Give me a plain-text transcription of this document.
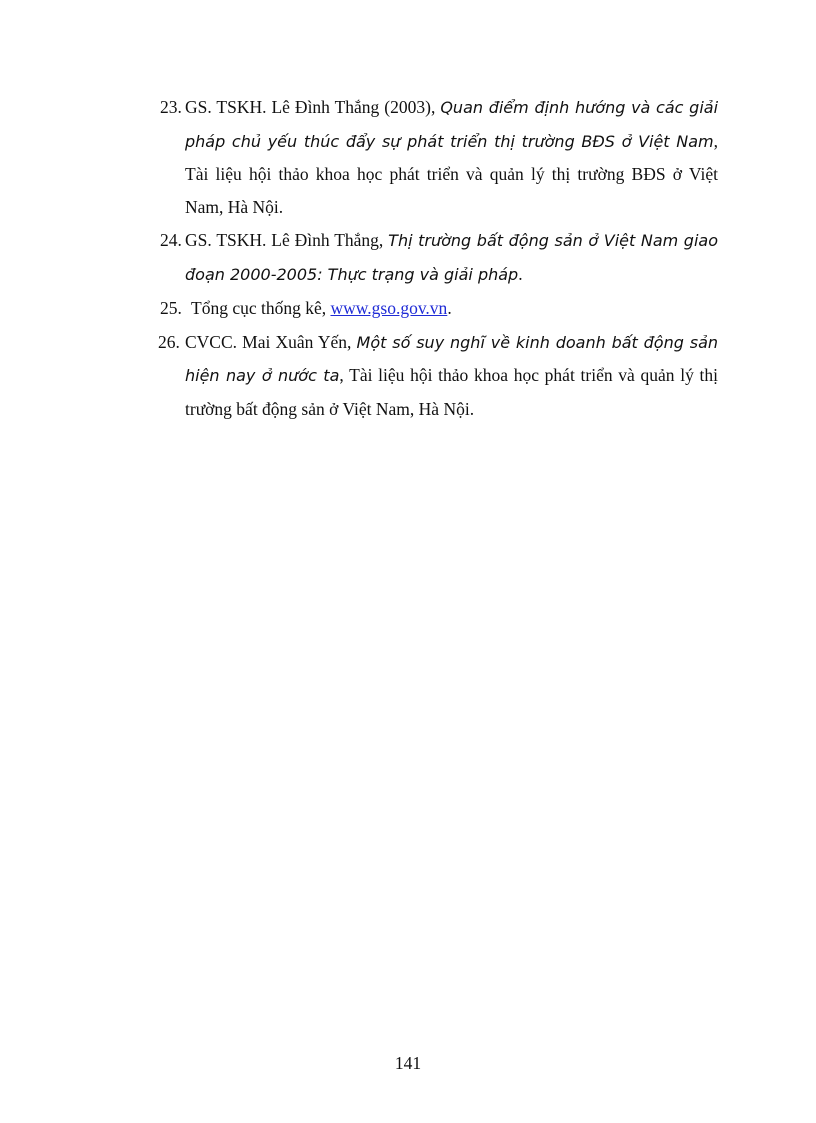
23. GS. TSKH. Lê Đình Thắng (2003), Quan điểm định hướng và các giải pháp chủ yếu thúc đẩy sự phát triển thị trường BĐS ở Việt Nam, Tài liệu hội thảo khoa học phát triển và quản lý thị trường BĐS ở Việt Nam, Hà Nội.

24. GS. TSKH. Lê Đình Thắng, Thị trường bất động sản ở Việt Nam giao đoạn 2000-2005: Thực trạng và giải pháp.

25. Tổng cục thống kê, www.gso.gov.vn.

26. CVCC. Mai Xuân Yến, Một số suy nghĩ về kinh doanh bất động sản hiện nay ở nước ta, Tài liệu hội thảo khoa học phát triển và quản lý thị trường bất động sản ở Việt Nam, Hà Nội.

141
